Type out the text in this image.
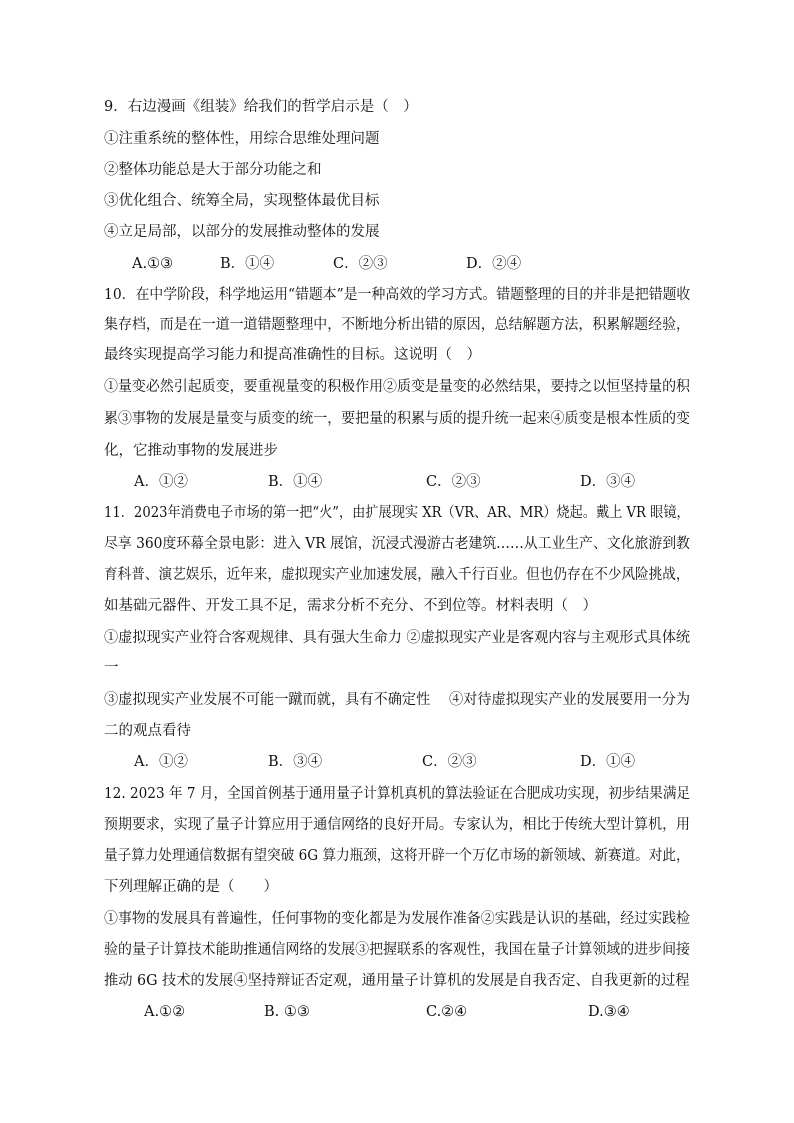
9．右边漫画《组装》给我们的哲学启示是（　）
①注重系统的整体性，用综合思维处理问题
②整体功能总是大于部分功能之和
③优化组合、统筹全局，实现整体最优目标
④立足局部，以部分的发展推动整体的发展
A.①③	B．①④	C．②③	D．②④
10．在中学阶段，科学地运用“错题本”是一种高效的学习方式。错题整理的目的并非是把错题收
集存档，而是在一道一道错题整理中，不断地分析出错的原因，总结解题方法，积累解题经验，
最终实现提高学习能力和提高准确性的目标。这说明（　）
①量变必然引起质变，要重视量变的积极作用②质变是量变的必然结果，要持之以恒坚持量的积
累③事物的发展是量变与质变的统一，要把量的积累与质的提升统一起来④质变是根本性质的变
化，它推动事物的发展进步
A．①②	B．①④	C．②③	D．③④
11．2023年消费电子市场的第一把“火”，由扩展现实 XR（VR、AR、MR）烧起。戴上 VR 眼镜，
尽享 360度环幕全景电影：进入 VR 展馆，沉浸式漫游古老建筑……从工业生产、文化旅游到教
育科普、演艺娱乐，近年来，虚拟现实产业加速发展，融入千行百业。但也仍存在不少风险挑战，
如基础元器件、开发工具不足，需求分析不充分、不到位等。材料表明（　）
①虚拟现实产业符合客观规律、具有强大生命力 ②虚拟现实产业是客观内容与主观形式具体统
一
③虚拟现实产业发展不可能一蹴而就，具有不确定性　 ④对待虚拟现实产业的发展要用一分为
二的观点看待
A．①②	B．③④	C．②③	D．①④
12. 2023 年 7 月，全国首例基于通用量子计算机真机的算法验证在合肥成功实现，初步结果满足
预期要求，实现了量子计算应用于通信网络的良好开局。专家认为，相比于传统大型计算机，用
量子算力处理通信数据有望突破 6G 算力瓶颈，这将开辟一个万亿市场的新领域、新赛道。对此，
下列理解正确的是（　　）
①事物的发展具有普遍性，任何事物的变化都是为发展作准备②实践是认识的基础，经过实践检
验的量子计算技术能助推通信网络的发展③把握联系的客观性，我国在量子计算领域的进步间接
推动 6G 技术的发展④坚持辩证否定观，通用量子计算机的发展是自我否定、自我更新的过程
A.①②	B. ①③	C.②④	D.③④
